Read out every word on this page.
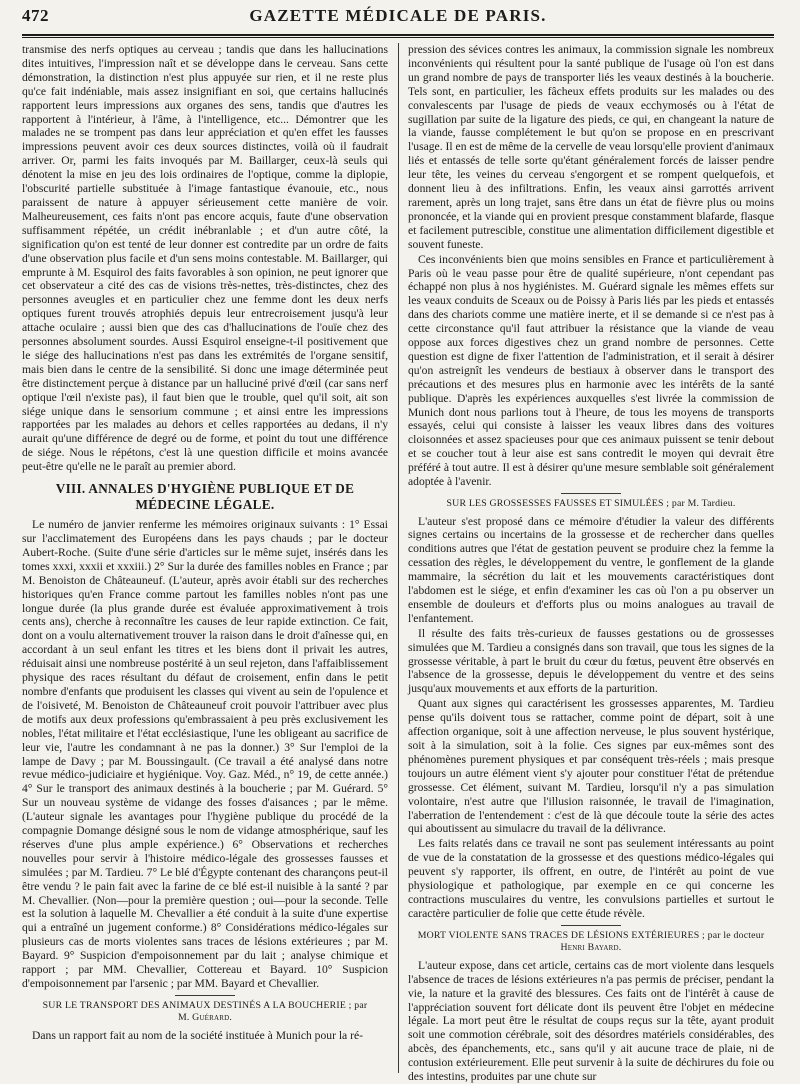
472	GAZETTE MÉDICALE DE PARIS.

transmise des nerfs optiques au cerveau ; tandis que dans les hallucinations dites intuitives, l'impression naît et se développe dans le cerveau. Sans cette démonstration, la distinction n'est plus appuyée sur rien, et il ne reste plus qu'ce fait indéniable, mais assez insignifiant en soi, que certains hallucinés rapportent leurs impressions aux organes des sens, tandis que d'autres les rapportent à l'intérieur, à l'âme, à l'intelligence, etc... Démontrer que les malades ne se trompent pas dans leur appréciation et qu'en effet les fausses impressions peuvent avoir ces deux sources distinctes, voilà où il faudrait arriver. Or, parmi les faits invoqués par M. Baillarger, ceux-là seuls qui dénotent la mise en jeu des lois ordinaires de l'optique, comme la diplopie, l'obscurité partielle substituée à l'image fantastique évanouie, etc., nous paraissent de nature à appuyer sérieusement cette manière de voir. Malheureusement, ces faits n'ont pas encore acquis, faute d'une observation suffisamment répétée, un crédit inébranlable ; et d'un autre côté, la signification qu'on est tenté de leur donner est contredite par un ordre de faits d'une observation plus facile et d'un sens moins contestable. M. Baillarger, qui emprunte à M. Esquirol des faits favorables à son opinion, ne peut ignorer que cet observateur a cité des cas de visions très-nettes, très-distinctes, chez des personnes aveugles et en particulier chez une femme dont les deux nerfs optiques furent trouvés atrophiés depuis leur entrecroisement jusqu'à leur attache oculaire ; aussi bien que des cas d'hallucinations de l'ouïe chez des personnes absolument sourdes. Aussi Esquirol enseigne-t-il positivement que le siége des hallucinations n'est pas dans les extrémités de l'organe sensitif, mais bien dans le centre de la sensibilité. Si donc une image déterminée peut être distinctement perçue à distance par un halluciné privé d'œil (car sans nerf optique l'œil n'existe pas), il faut bien que le trouble, quel qu'il soit, ait son siége unique dans le sensorium commune ; et ainsi entre les impressions rapportées par les malades au dehors et celles rapportées au dedans, il n'y aurait qu'une différence de degré ou de forme, et point du tout une différence de siége. Nous le répétons, c'est là une question difficile et moins avancée peut-être qu'elle ne le paraît au premier abord.

VIII. ANNALES D'HYGIÈNE PUBLIQUE ET DE MÉDECINE LÉGALE.

Le numéro de janvier renferme les mémoires originaux suivants : 1° Essai sur l'acclimatement des Européens dans les pays chauds ; par le docteur Aubert-Roche. (Suite d'une série d'articles sur le même sujet, insérés dans les tomes xxxi, xxxii et xxxiii.) 2° Sur la durée des familles nobles en France ; par M. Benoiston de Châteauneuf. (L'auteur, après avoir établi sur des recherches historiques qu'en France comme partout les familles nobles n'ont pas une longue durée (la plus grande durée est évaluée approximativement à trois cents ans), cherche à reconnaître les causes de leur rapide extinction. Ce fait, dont on a voulu alternativement trouver la raison dans le droit d'aînesse qui, en accordant à un seul enfant les titres et les biens dont il privait les autres, réduisait ainsi une nombreuse postérité à un seul rejeton, dans l'affaiblissement physique des races résultant du défaut de croisement, enfin dans le petit nombre d'enfants que produisent les classes qui vivent au sein de l'opulence et de l'oisiveté, M. Benoiston de Châteauneuf croit pouvoir l'attribuer avec plus de motifs aux deux professions qu'embrassaient à peu près exclusivement les nobles, l'état militaire et l'état ecclésiastique, l'une les obligeant au sacrifice de leur vie, l'autre les condamnant à ne pas la donner.) 3° Sur l'emploi de la lampe de Davy ; par M. Boussingault. (Ce travail a été analysé dans notre revue médico-judiciaire et hygiénique. Voy. Gaz. Méd., n° 19, de cette année.) 4° Sur le transport des animaux destinés à la boucherie ; par M. Guérard. 5° Sur un nouveau système de vidange des fosses d'aisances ; par le même. (L'auteur signale les avantages pour l'hygiène publique du procédé de la compagnie Domange désigné sous le nom de vidange atmosphérique, sauf les réserves d'une plus ample expérience.) 6° Observations et recherches nouvelles pour servir à l'histoire médico-légale des grossesses fausses et simulées ; par M. Tardieu. 7° Le blé d'Égypte contenant des charançons peut-il être vendu ? le pain fait avec la farine de ce blé est-il nuisible à la santé ? par M. Chevallier. (Non—pour la première question ; oui—pour la seconde. Telle est la solution à laquelle M. Chevallier a été conduit à la suite d'une expertise qui a entraîné un jugement conforme.) 8° Considérations médico-légales sur plusieurs cas de morts violentes sans traces de lésions extérieures ; par M. Bayard. 9° Suspicion d'empoisonnement par du lait ; analyse chimique et rapport ; par MM. Chevallier, Cottereau et Bayard. 10° Suspicion d'empoisonnement par l'arsenic ; par MM. Bayard et Chevallier.

SUR LE TRANSPORT DES ANIMAUX DESTINÉS A LA BOUCHERIE ; par
M. Guérard.

Dans un rapport fait au nom de la société instituée à Munich pour la ré-

pression des sévices contres les animaux, la commission signale les nombreux inconvénients qui résultent pour la santé publique de l'usage où l'on est dans un grand nombre de pays de transporter liés les veaux destinés à la boucherie. Tels sont, en particulier, les fâcheux effets produits sur les malades ou des convalescents par l'usage de pieds de veaux ecchymosés ou à l'état de sugillation par suite de la ligature des pieds, ce qui, en changeant la nature de la viande, fausse complétement le but qu'on se propose en en prescrivant l'usage. Il en est de même de la cervelle de veau lorsqu'elle provient d'animaux liés et entassés de telle sorte qu'étant généralement forcés de laisser pendre leur tête, les veines du cerveau s'engorgent et se rompent quelquefois, et donnent lieu à des infiltrations. Enfin, les veaux ainsi garrottés arrivent rarement, après un long trajet, sans être dans un état de fièvre plus ou moins prononcée, et la viande qui en provient presque constamment blafarde, flasque et facilement putrescible, constitue une alimentation difficilement digestible et souvent funeste.

Ces inconvénients bien que moins sensibles en France et particulièrement à Paris où le veau passe pour être de qualité supérieure, n'ont cependant pas échappé non plus à nos hygiénistes. M. Guérard signale les mêmes effets sur les veaux conduits de Sceaux ou de Poissy à Paris liés par les pieds et entassés dans des chariots comme une matière inerte, et il se demande si ce n'est pas à cette circonstance qu'il faut attribuer la résistance que la viande de veau oppose aux forces digestives chez un grand nombre de personnes. Cette question est digne de fixer l'attention de l'administration, et il serait à désirer qu'on astreignît les vendeurs de bestiaux à observer dans le transport des précautions et des mesures plus en harmonie avec les intérêts de la santé publique. D'après les expériences auxquelles s'est livrée la commission de Munich dont nous parlions tout à l'heure, de tous les moyens de transports essayés, celui qui consiste à laisser les veaux libres dans des voitures cloisonnées et assez spacieuses pour que ces animaux puissent se tenir debout et se coucher tout à leur aise est sans contredit le moyen qui devrait être préféré à tout autre. Il est à désirer qu'une mesure semblable soit généralement adoptée à l'avenir.

SUR LES GROSSESSES FAUSSES ET SIMULÉES ; par M. Tardieu.

L'auteur s'est proposé dans ce mémoire d'étudier la valeur des différents signes certains ou incertains de la grossesse et de rechercher dans quelles conditions autres que l'état de gestation peuvent se produire chez la femme la cessation des règles, le développement du ventre, le gonflement de la glande mammaire, la sécrétion du lait et les mouvements caractéristiques dont l'abdomen est le siége, et enfin d'examiner les cas où l'on a pu observer un ensemble de douleurs et d'efforts plus ou moins analogues au travail de l'enfantement.

Il résulte des faits très-curieux de fausses gestations ou de grossesses simulées que M. Tardieu a consignés dans son travail, que tous les signes de la grossesse véritable, à part le bruit du cœur du fœtus, peuvent être observés en l'absence de la grossesse, depuis le développement du ventre et des seins jusqu'aux mouvements et aux efforts de la parturition.

Quant aux signes qui caractérisent les grossesses apparentes, M. Tardieu pense qu'ils doivent tous se rattacher, comme point de départ, soit à une affection organique, soit à une affection nerveuse, le plus souvent hystérique, soit à la simulation, soit à la folie. Ces signes par eux-mêmes sont des phénomènes purement physiques et par conséquent très-réels ; mais presque toujours un autre élément vient s'y ajouter pour constituer l'état de prétendue grossesse. Cet élément, suivant M. Tardieu, lorsqu'il n'y a pas simulation volontaire, n'est autre que l'illusion raisonnée, le travail de l'imagination, l'aberration de l'entendement : c'est de là que découle toute la série des actes qui aboutissent au simulacre du travail de la délivrance.

Les faits relatés dans ce travail ne sont pas seulement intéressants au point de vue de la constatation de la grossesse et des questions médico-légales qui peuvent s'y rapporter, ils offrent, en outre, de l'intérêt au point de vue physiologique et pathologique, par exemple en ce qui concerne les contractions musculaires du ventre, les convulsions partielles et surtout le caractère particulier de folie que cette étude révèle.

MORT VIOLENTE SANS TRACES DE LÉSIONS EXTÉRIEURES ; par le docteur
Henri Bayard.

L'auteur expose, dans cet article, certains cas de mort violente dans lesquels l'absence de traces de lésions extérieures n'a pas permis de préciser, pendant la vie, la nature et la gravité des blessures. Ces faits ont de l'intérêt à cause de l'appréciation souvent fort délicate dont ils peuvent être l'objet en médecine légale. La mort peut être le résultat de coups reçus sur la tête, ayant produit soit une commotion cérébrale, soit des désordres matériels considérables, des abcès, des épanchements, etc., sans qu'il y ait aucune trace de plaie, ni de contusion extérieurement. Elle peut survenir à la suite de déchirures du foie ou des intestins, produites par une chute sur
